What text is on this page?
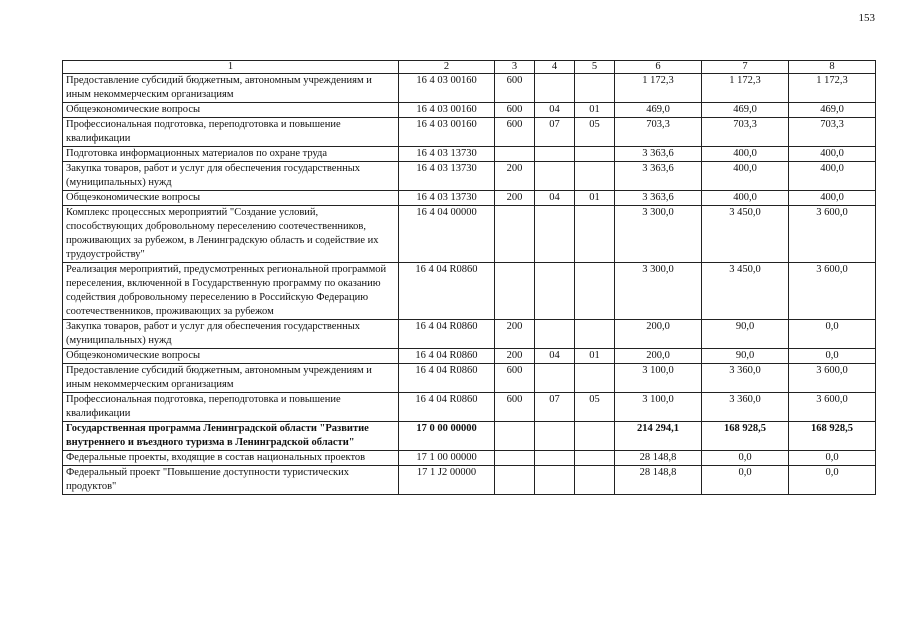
153
1	2	3	4	5	6	7	8
Предоставление субсидий бюджетным, автономным учреждениям и иным некоммерческим организациям	16 4 03 00160	600			1 172,3	1 172,3	1 172,3
Общеэкономические вопросы	16 4 03 00160	600	04	01	469,0	469,0	469,0
Профессиональная подготовка, переподготовка и повышение квалификации	16 4 03 00160	600	07	05	703,3	703,3	703,3
Подготовка информационных материалов по охране труда	16 4 03 13730				3 363,6	400,0	400,0
Закупка товаров, работ и услуг для обеспечения государственных (муниципальных) нужд	16 4 03 13730	200			3 363,6	400,0	400,0
Общеэкономические вопросы	16 4 03 13730	200	04	01	3 363,6	400,0	400,0
Комплекс процессных мероприятий "Создание условий, способствующих добровольному переселению соотечественников, проживающих за рубежом, в Ленинградскую область и содействие их трудоустройству"	16 4 04 00000				3 300,0	3 450,0	3 600,0
Реализация мероприятий, предусмотренных региональной программой переселения, включенной в Государственную программу по оказанию содействия добровольному переселению в Российскую Федерацию соотечественников, проживающих за рубежом	16 4 04 R0860				3 300,0	3 450,0	3 600,0
Закупка товаров, работ и услуг для обеспечения государственных (муниципальных) нужд	16 4 04 R0860	200			200,0	90,0	0,0
Общеэкономические вопросы	16 4 04 R0860	200	04	01	200,0	90,0	0,0
Предоставление субсидий бюджетным, автономным учреждениям и иным некоммерческим организациям	16 4 04 R0860	600			3 100,0	3 360,0	3 600,0
Профессиональная подготовка, переподготовка и повышение квалификации	16 4 04 R0860	600	07	05	3 100,0	3 360,0	3 600,0
Государственная программа Ленинградской области "Развитие внутреннего и въездного туризма в Ленинградской области"	17 0 00 00000				214 294,1	168 928,5	168 928,5
Федеральные проекты, входящие в состав национальных проектов	17 1 00 00000				28 148,8	0,0	0,0
Федеральный проект "Повышение доступности туристических продуктов"	17 1 J2 00000				28 148,8	0,0	0,0
